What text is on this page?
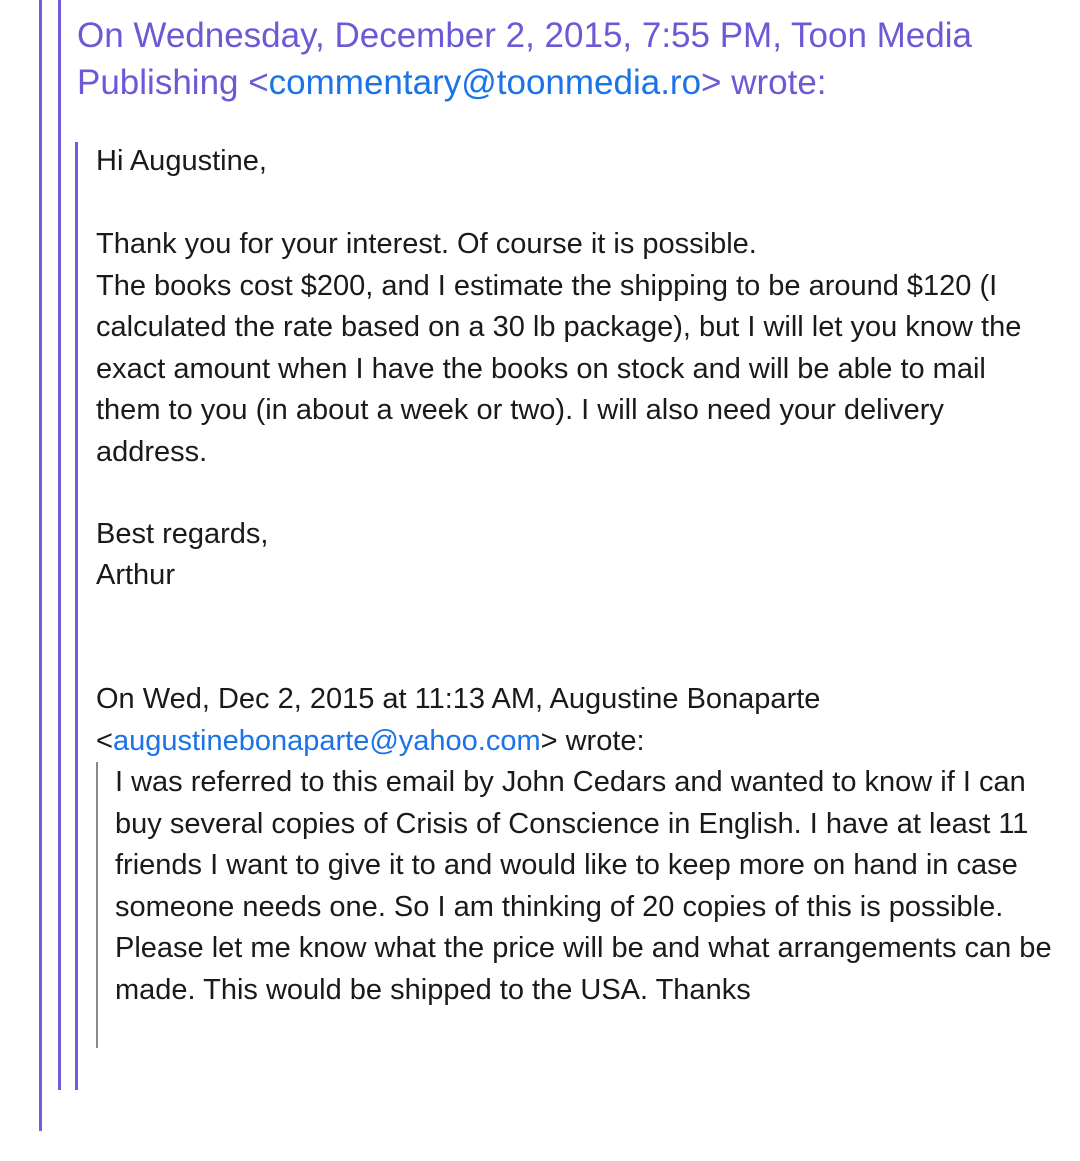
On Wednesday, December 2, 2015, 7:55 PM, Toon Media Publishing <commentary@toonmedia.ro> wrote:

Hi Augustine,

Thank you for your interest. Of course it is possible.
The books cost $200, and I estimate the shipping to be around $120 (I calculated the rate based on a 30 lb package), but I will let you know the exact amount when I have the books on stock and will be able to mail them to you (in about a week or two). I will also need your delivery address.

Best regards,

Arthur

On Wed, Dec 2, 2015 at 11:13 AM, Augustine Bonaparte
<augustinebonaparte@yahoo.com> wrote:

I was referred to this email by John Cedars and wanted to know if I can buy several copies of Crisis of Conscience in English. I have at least 11 friends I want to give it to and would like to keep more on hand in case someone needs one. So I am thinking of 20 copies of this is possible. Please let me know what the price will be and what arrangements can be made. This would be shipped to the USA. Thanks
